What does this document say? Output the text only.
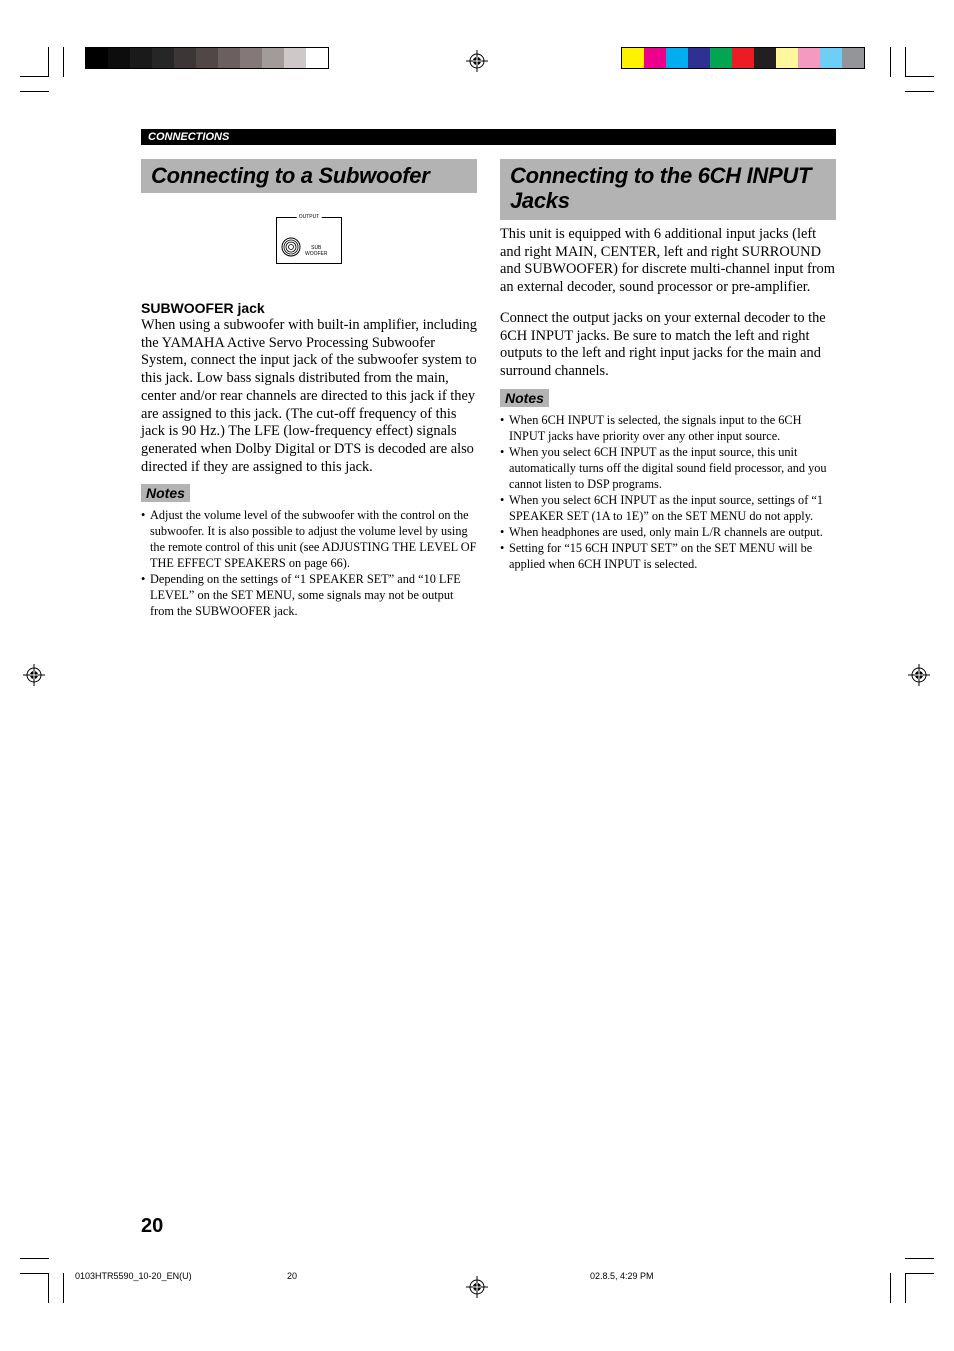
CONNECTIONS
Connecting to a Subwoofer
OUTPUT
SUB
WOOFER
SUBWOOFER jack

When using a subwoofer with built-in amplifier, including the YAMAHA Active Servo Processing Subwoofer System, connect the input jack of the subwoofer system to this jack. Low bass signals distributed from the main, center and/or rear channels are directed to this jack if they are assigned to this jack. (The cut-off frequency of this jack is 90 Hz.) The LFE (low-frequency effect) signals generated when Dolby Digital or DTS is decoded are also directed if they are assigned to this jack.

Notes
• Adjust the volume level of the subwoofer with the control on the subwoofer. It is also possible to adjust the volume level by using the remote control of this unit (see ADJUSTING THE LEVEL OF THE EFFECT SPEAKERS on page 66).
• Depending on the settings of “1 SPEAKER SET” and “10 LFE LEVEL” on the SET MENU, some signals may not be output from the SUBWOOFER jack.
Connecting to the 6CH INPUT Jacks

This unit is equipped with 6 additional input jacks (left and right MAIN, CENTER, left and right SURROUND and SUBWOOFER) for discrete multi-channel input from an external decoder, sound processor or pre-amplifier.

Connect the output jacks on your external decoder to the 6CH INPUT jacks. Be sure to match the left and right outputs to the left and right input jacks for the main and surround channels.

Notes
• When 6CH INPUT is selected, the signals input to the 6CH INPUT jacks have priority over any other input source.
• When you select 6CH INPUT as the input source, this unit automatically turns off the digital sound field processor, and you cannot listen to DSP programs.
• When you select 6CH INPUT as the input source, settings of “1 SPEAKER SET (1A to 1E)” on the SET MENU do not apply.
• When headphones are used, only main L/R channels are output.
• Setting for “15 6CH INPUT SET” on the SET MENU will be applied when 6CH INPUT is selected.
20
0103HTR5590_10-20_EN(U)	20	02.8.5, 4:29 PM
